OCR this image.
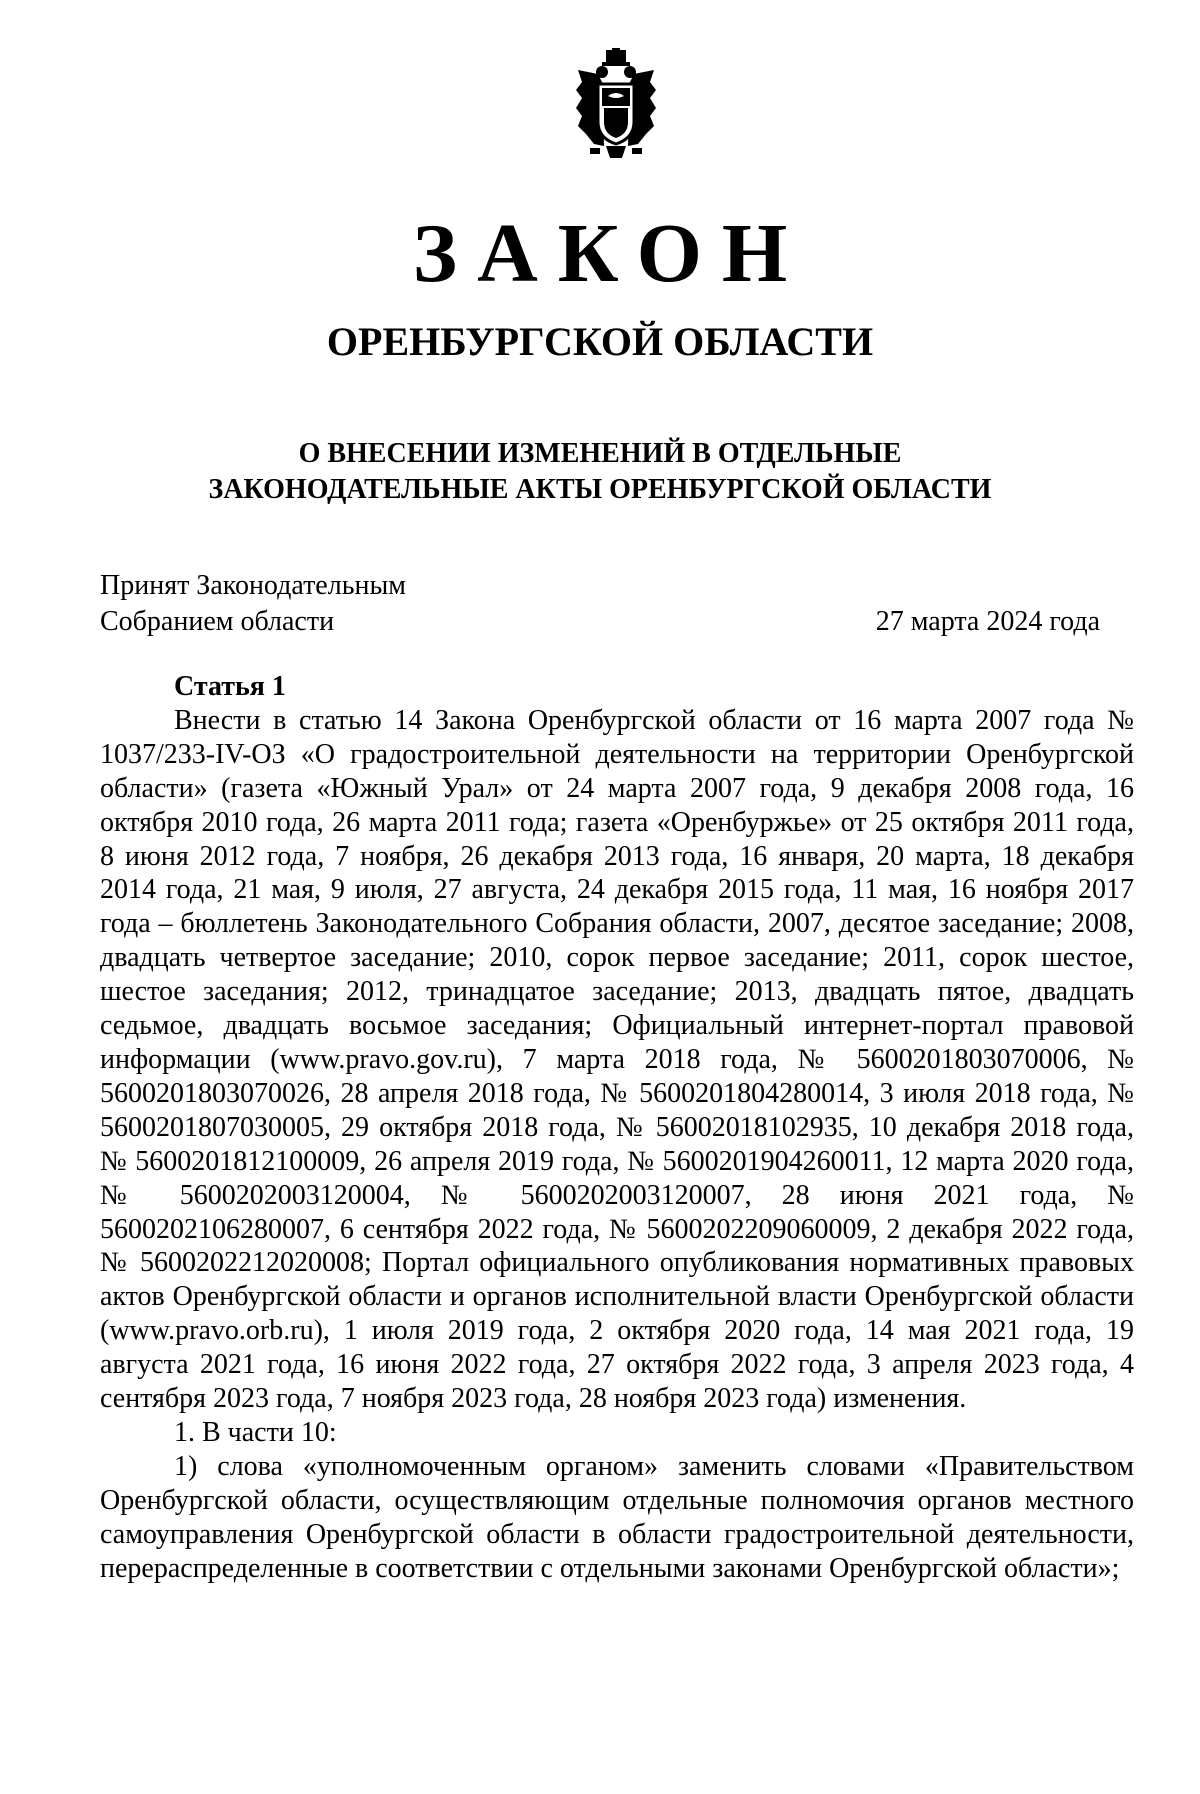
ЗАКОН
ОРЕНБУРГСКОЙ ОБЛАСТИ
О ВНЕСЕНИИ ИЗМЕНЕНИЙ В ОТДЕЛЬНЫЕ
ЗАКОНОДАТЕЛЬНЫЕ АКТЫ ОРЕНБУРГСКОЙ ОБЛАСТИ
Принят Законодательным
Собранием области	27 марта 2024 года
Статья 1

Внести в статью 14 Закона Оренбургской области от 16 марта 2007 года № 1037/233-IV-ОЗ «О градостроительной деятельности на территории Оренбургской области» (газета «Южный Урал» от 24 марта 2007 года, 9 декабря 2008 года, 16 октября 2010 года, 26 марта 2011 года; газета «Оренбуржье» от 25 октября 2011 года, 8 июня 2012 года, 7 ноября, 26 декабря 2013 года, 16 января, 20 марта, 18 декабря 2014 года, 21 мая, 9 июля, 27 августа, 24 декабря 2015 года, 11 мая, 16 ноября 2017 года – бюллетень Законодательного Собрания области, 2007, десятое заседание; 2008, двадцать четвертое заседание; 2010, сорок первое заседание; 2011, сорок шестое, шестое заседания; 2012, тринадцатое заседание; 2013, двадцать пятое, двадцать седьмое, двадцать восьмое заседания; Официальный интернет-портал правовой информации (www.pravo.gov.ru), 7 марта 2018 года, № 5600201803070006, № 5600201803070026, 28 апреля 2018 года, № 5600201804280014, 3 июля 2018 года, № 5600201807030005, 29 октября 2018 года, № 56002018102935, 10 декабря 2018 года, № 5600201812100009, 26 апреля 2019 года, № 5600201904260011, 12 марта 2020 года, № 5600202003120004, № 5600202003120007, 28 июня 2021 года, № 5600202106280007, 6 сентября 2022 года, № 5600202209060009, 2 декабря 2022 года, № 5600202212020008; Портал официального опубликования нормативных правовых актов Оренбургской области и органов исполнительной власти Оренбургской области (www.pravo.orb.ru), 1 июля 2019 года, 2 октября 2020 года, 14 мая 2021 года, 19 августа 2021 года, 16 июня 2022 года, 27 октября 2022 года, 3 апреля 2023 года, 4 сентября 2023 года, 7 ноября 2023 года, 28 ноября 2023 года) изменения.

1. В части 10:

1) слова «уполномоченным органом» заменить словами «Правительством Оренбургской области, осуществляющим отдельные полномочия органов местного самоуправления Оренбургской области в области градостроительной деятельности, перераспределенные в соответствии с отдельными законами Оренбургской области»;
